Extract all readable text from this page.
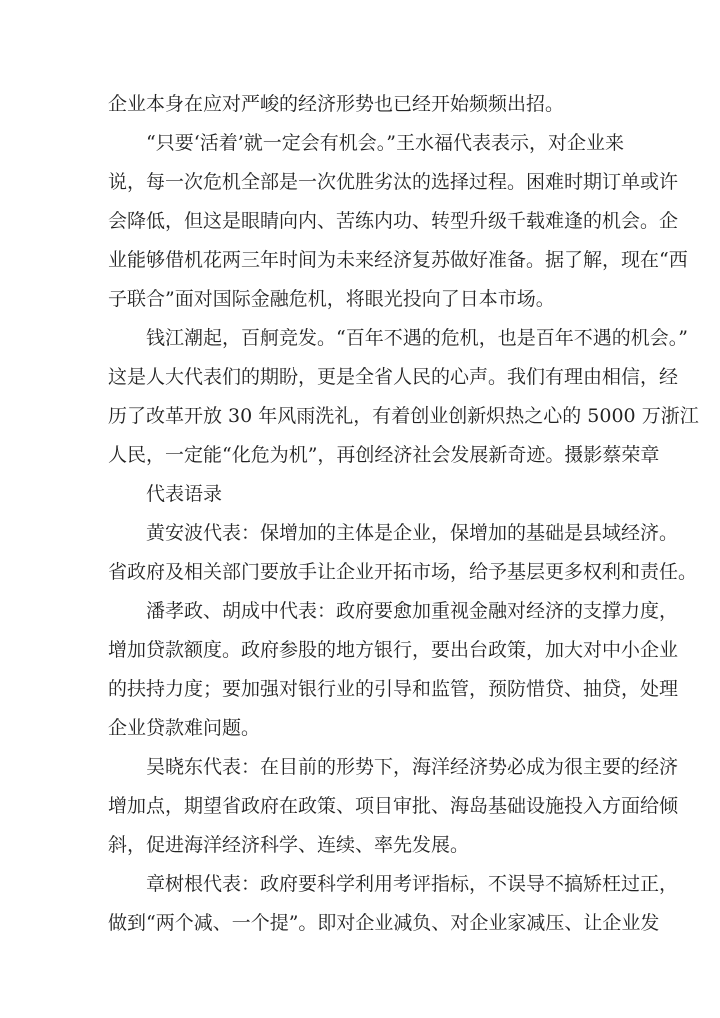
企业本身在应对严峻的经济形势也已经开始频频出招。

“只要‘活着’就一定会有机会。”王水福代表表示，对企业来

说，每一次危机全部是一次优胜劣汰的选择过程。困难时期订单或许

会降低，但这是眼睛向内、苦练内功、转型升级千载难逢的机会。企

业能够借机花两三年时间为未来经济复苏做好准备。据了解，现在“西

子联合”面对国际金融危机，将眼光投向了日本市场。

钱江潮起，百舸竞发。“百年不遇的危机，也是百年不遇的机会。”

这是人大代表们的期盼，更是全省人民的心声。我们有理由相信，经

历了改革开放 30 年风雨洗礼，有着创业创新炽热之心的 5000 万浙江

人民，一定能“化危为机”，再创经济社会发展新奇迹。摄影蔡荣章

代表语录

黄安波代表：保增加的主体是企业，保增加的基础是县域经济。

省政府及相关部门要放手让企业开拓市场，给予基层更多权利和责任。

潘孝政、胡成中代表：政府要愈加重视金融对经济的支撑力度，

增加贷款额度。政府参股的地方银行，要出台政策，加大对中小企业

的扶持力度；要加强对银行业的引导和监管，预防惜贷、抽贷，处理

企业贷款难问题。

吴晓东代表：在目前的形势下，海洋经济势必成为很主要的经济

增加点，期望省政府在政策、项目审批、海岛基础设施投入方面给倾

斜，促进海洋经济科学、连续、率先发展。

章树根代表：政府要科学利用考评指标，不误导不搞矫枉过正，

做到“两个减、一个提”。即对企业减负、对企业家减压、让企业发
